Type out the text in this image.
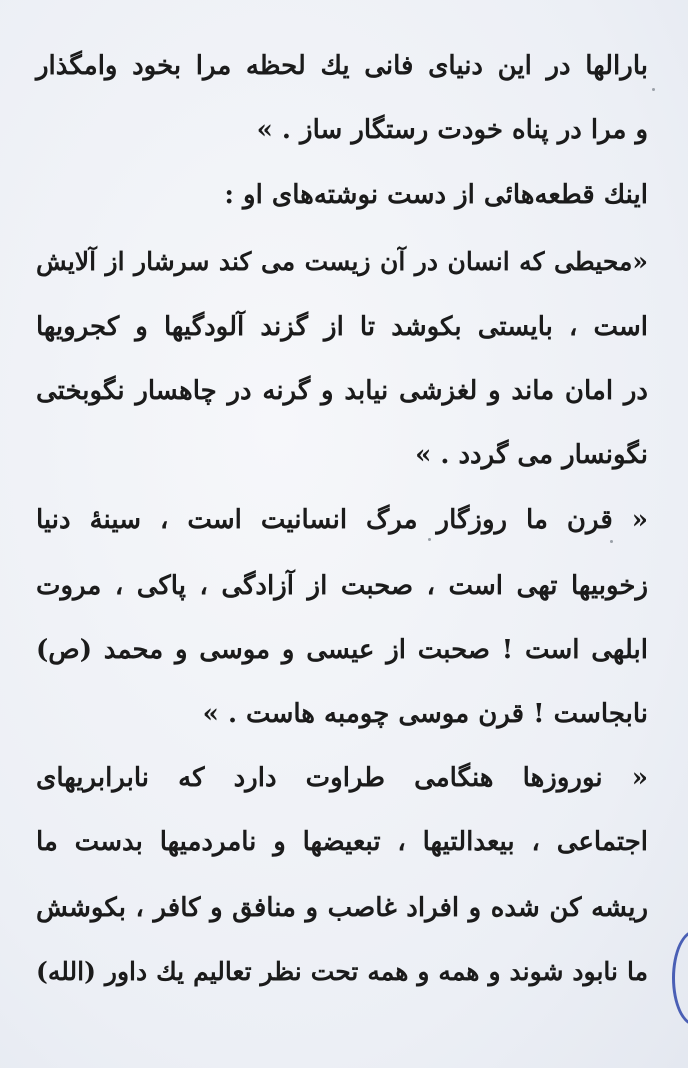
بارالها در این دنیای فانی یك لحظه مرا بخود وامگذار
و مرا در پناه خودت رستگار ساز . »
اینك قطعه‌هائی از دست نوشته‌های او :
«محیطی که انسان در آن زیست می کند سرشار از آلایش
است ، بایستی بکوشد تا از گزند آلودگیها و کجرویها
در امان ماند و لغزشی نیابد و گرنه در چاهسار نگوبختی
نگونسار می گردد . »
« قرن ما روزگار مرگ انسانیت است ، سینهٔ دنیا
زخوبیها تهی است ، صحبت از آزادگی ، پاکی ، مروت
ابلهی است ! صحبت از عیسی و موسی و محمد (ص)
نابجاست ! قرن موسی چومبه هاست . »
« نوروزها هنگامی طراوت دارد که نابرابریهای
اجتماعی ، بیعدالتیها ، تبعیضها و نامردمیها بدست ما
ریشه کن شده و افراد غاصب و منافق و کافر ، بکوشش
ما نابود شوند و همه و همه تحت نظر تعالیم یك داور (الله)
